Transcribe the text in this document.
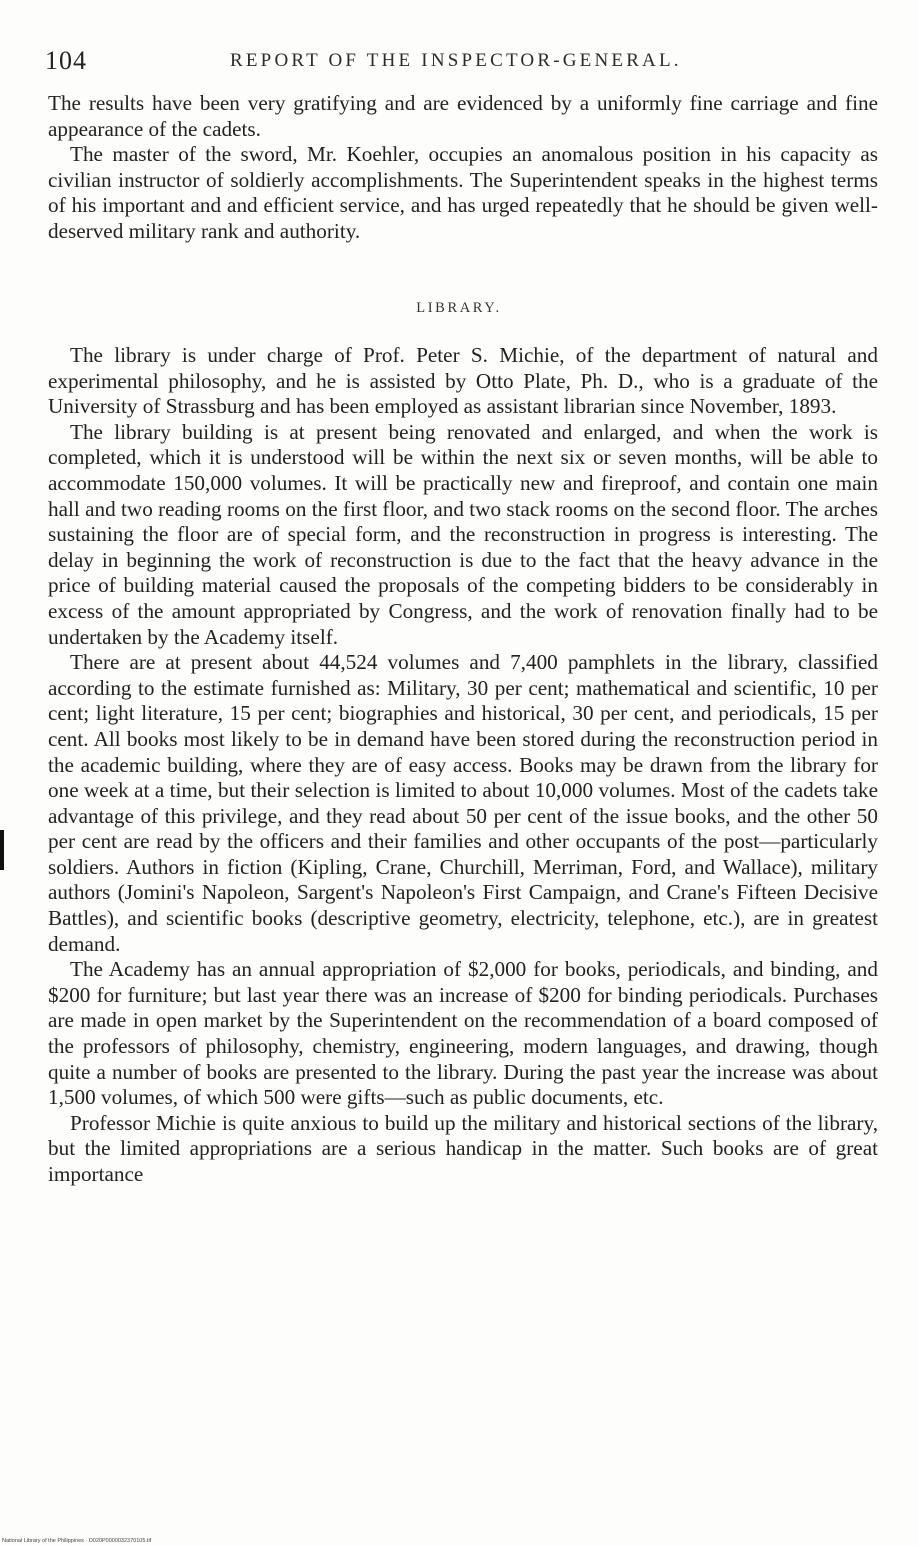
104	REPORT OF THE INSPECTOR-GENERAL.

The results have been very gratifying and are evidenced by a uniformly fine carriage and fine appearance of the cadets.

The master of the sword, Mr. Koehler, occupies an anomalous position in his capacity as civilian instructor of soldierly accomplishments. The Superintendent speaks in the highest terms of his important and and efficient service, and has urged repeatedly that he should be given well-deserved military rank and authority.

LIBRARY.

The library is under charge of Prof. Peter S. Michie, of the department of natural and experimental philosophy, and he is assisted by Otto Plate, Ph. D., who is a graduate of the University of Strassburg and has been employed as assistant librarian since November, 1893.

The library building is at present being renovated and enlarged, and when the work is completed, which it is understood will be within the next six or seven months, will be able to accommodate 150,000 volumes. It will be practically new and fireproof, and contain one main hall and two reading rooms on the first floor, and two stack rooms on the second floor. The arches sustaining the floor are of special form, and the reconstruction in progress is interesting. The delay in beginning the work of reconstruction is due to the fact that the heavy advance in the price of building material caused the proposals of the competing bidders to be considerably in excess of the amount appropriated by Congress, and the work of renovation finally had to be undertaken by the Academy itself.

There are at present about 44,524 volumes and 7,400 pamphlets in the library, classified according to the estimate furnished as: Military, 30 per cent; mathematical and scientific, 10 per cent; light literature, 15 per cent; biographies and historical, 30 per cent, and periodicals, 15 per cent. All books most likely to be in demand have been stored during the reconstruction period in the academic building, where they are of easy access. Books may be drawn from the library for one week at a time, but their selection is limited to about 10,000 volumes. Most of the cadets take advantage of this privilege, and they read about 50 per cent of the issue books, and the other 50 per cent are read by the officers and their families and other occupants of the post—particularly soldiers. Authors in fiction (Kipling, Crane, Churchill, Merriman, Ford, and Wallace), military authors (Jomini's Napoleon, Sargent's Napoleon's First Campaign, and Crane's Fifteen Decisive Battles), and scientific books (descriptive geometry, electricity, telephone, etc.), are in greatest demand.

The Academy has an annual appropriation of $2,000 for books, periodicals, and binding, and $200 for furniture; but last year there was an increase of $200 for binding periodicals. Purchases are made in open market by the Superintendent on the recommendation of a board composed of the professors of philosophy, chemistry, engineering, modern languages, and drawing, though quite a number of books are presented to the library. During the past year the increase was about 1,500 volumes, of which 500 were gifts—such as public documents, etc.

Professor Michie is quite anxious to build up the military and historical sections of the library, but the limited appropriations are a serious handicap in the matter. Such books are of great importance

National Library of the Philippines · D020P0000032370105.tif
